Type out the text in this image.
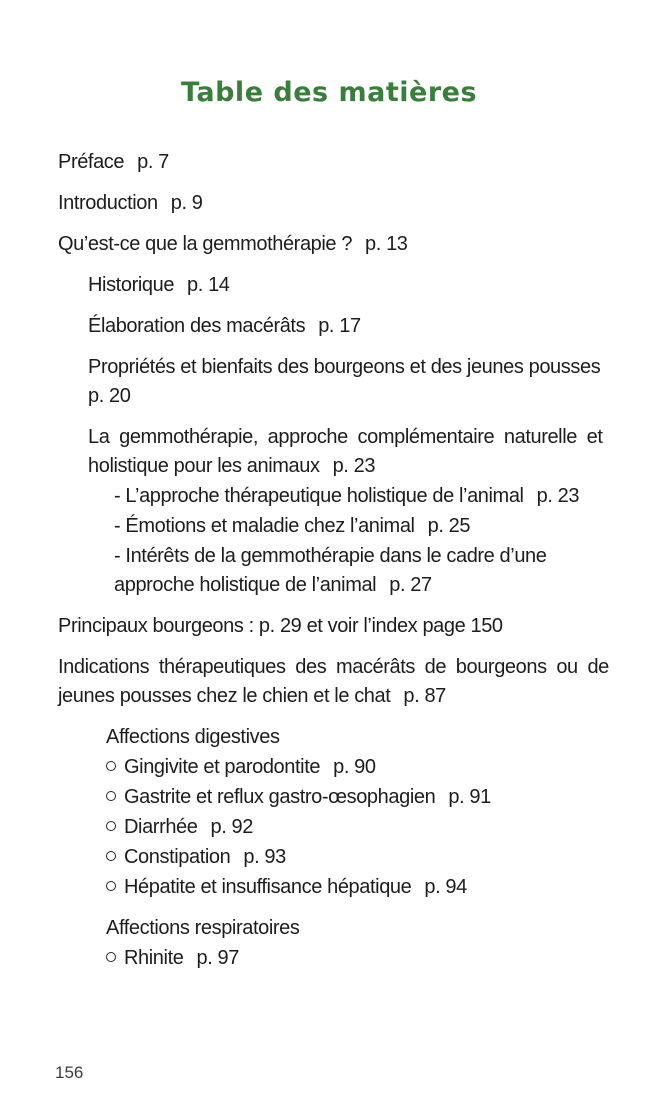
Table des matières
Préface p. 7
Introduction p. 9
Qu’est-ce que la gemmothérapie ? p. 13
Historique p. 14
Élaboration des macérâts p. 17
Propriétés et bienfaits des bourgeons et des jeunes pousses
p. 20
La gemmothérapie, approche complémentaire naturelle et
holistique pour les animaux p. 23
- L’approche thérapeutique holistique de l’animal p. 23
- Émotions et maladie chez l’animal p. 25
- Intérêts de la gemmothérapie dans le cadre d’une
approche holistique de l’animal p. 27
Principaux bourgeons : p. 29 et voir l’index page 150
Indications thérapeutiques des macérâts de bourgeons ou de
jeunes pousses chez le chien et le chat p. 87
Affections digestives
Gingivite et parodontite p. 90
Gastrite et reflux gastro-œsophagien p. 91
Diarrhée p. 92
Constipation p. 93
Hépatite et insuffisance hépatique p. 94
Affections respiratoires
Rhinite p. 97
156
